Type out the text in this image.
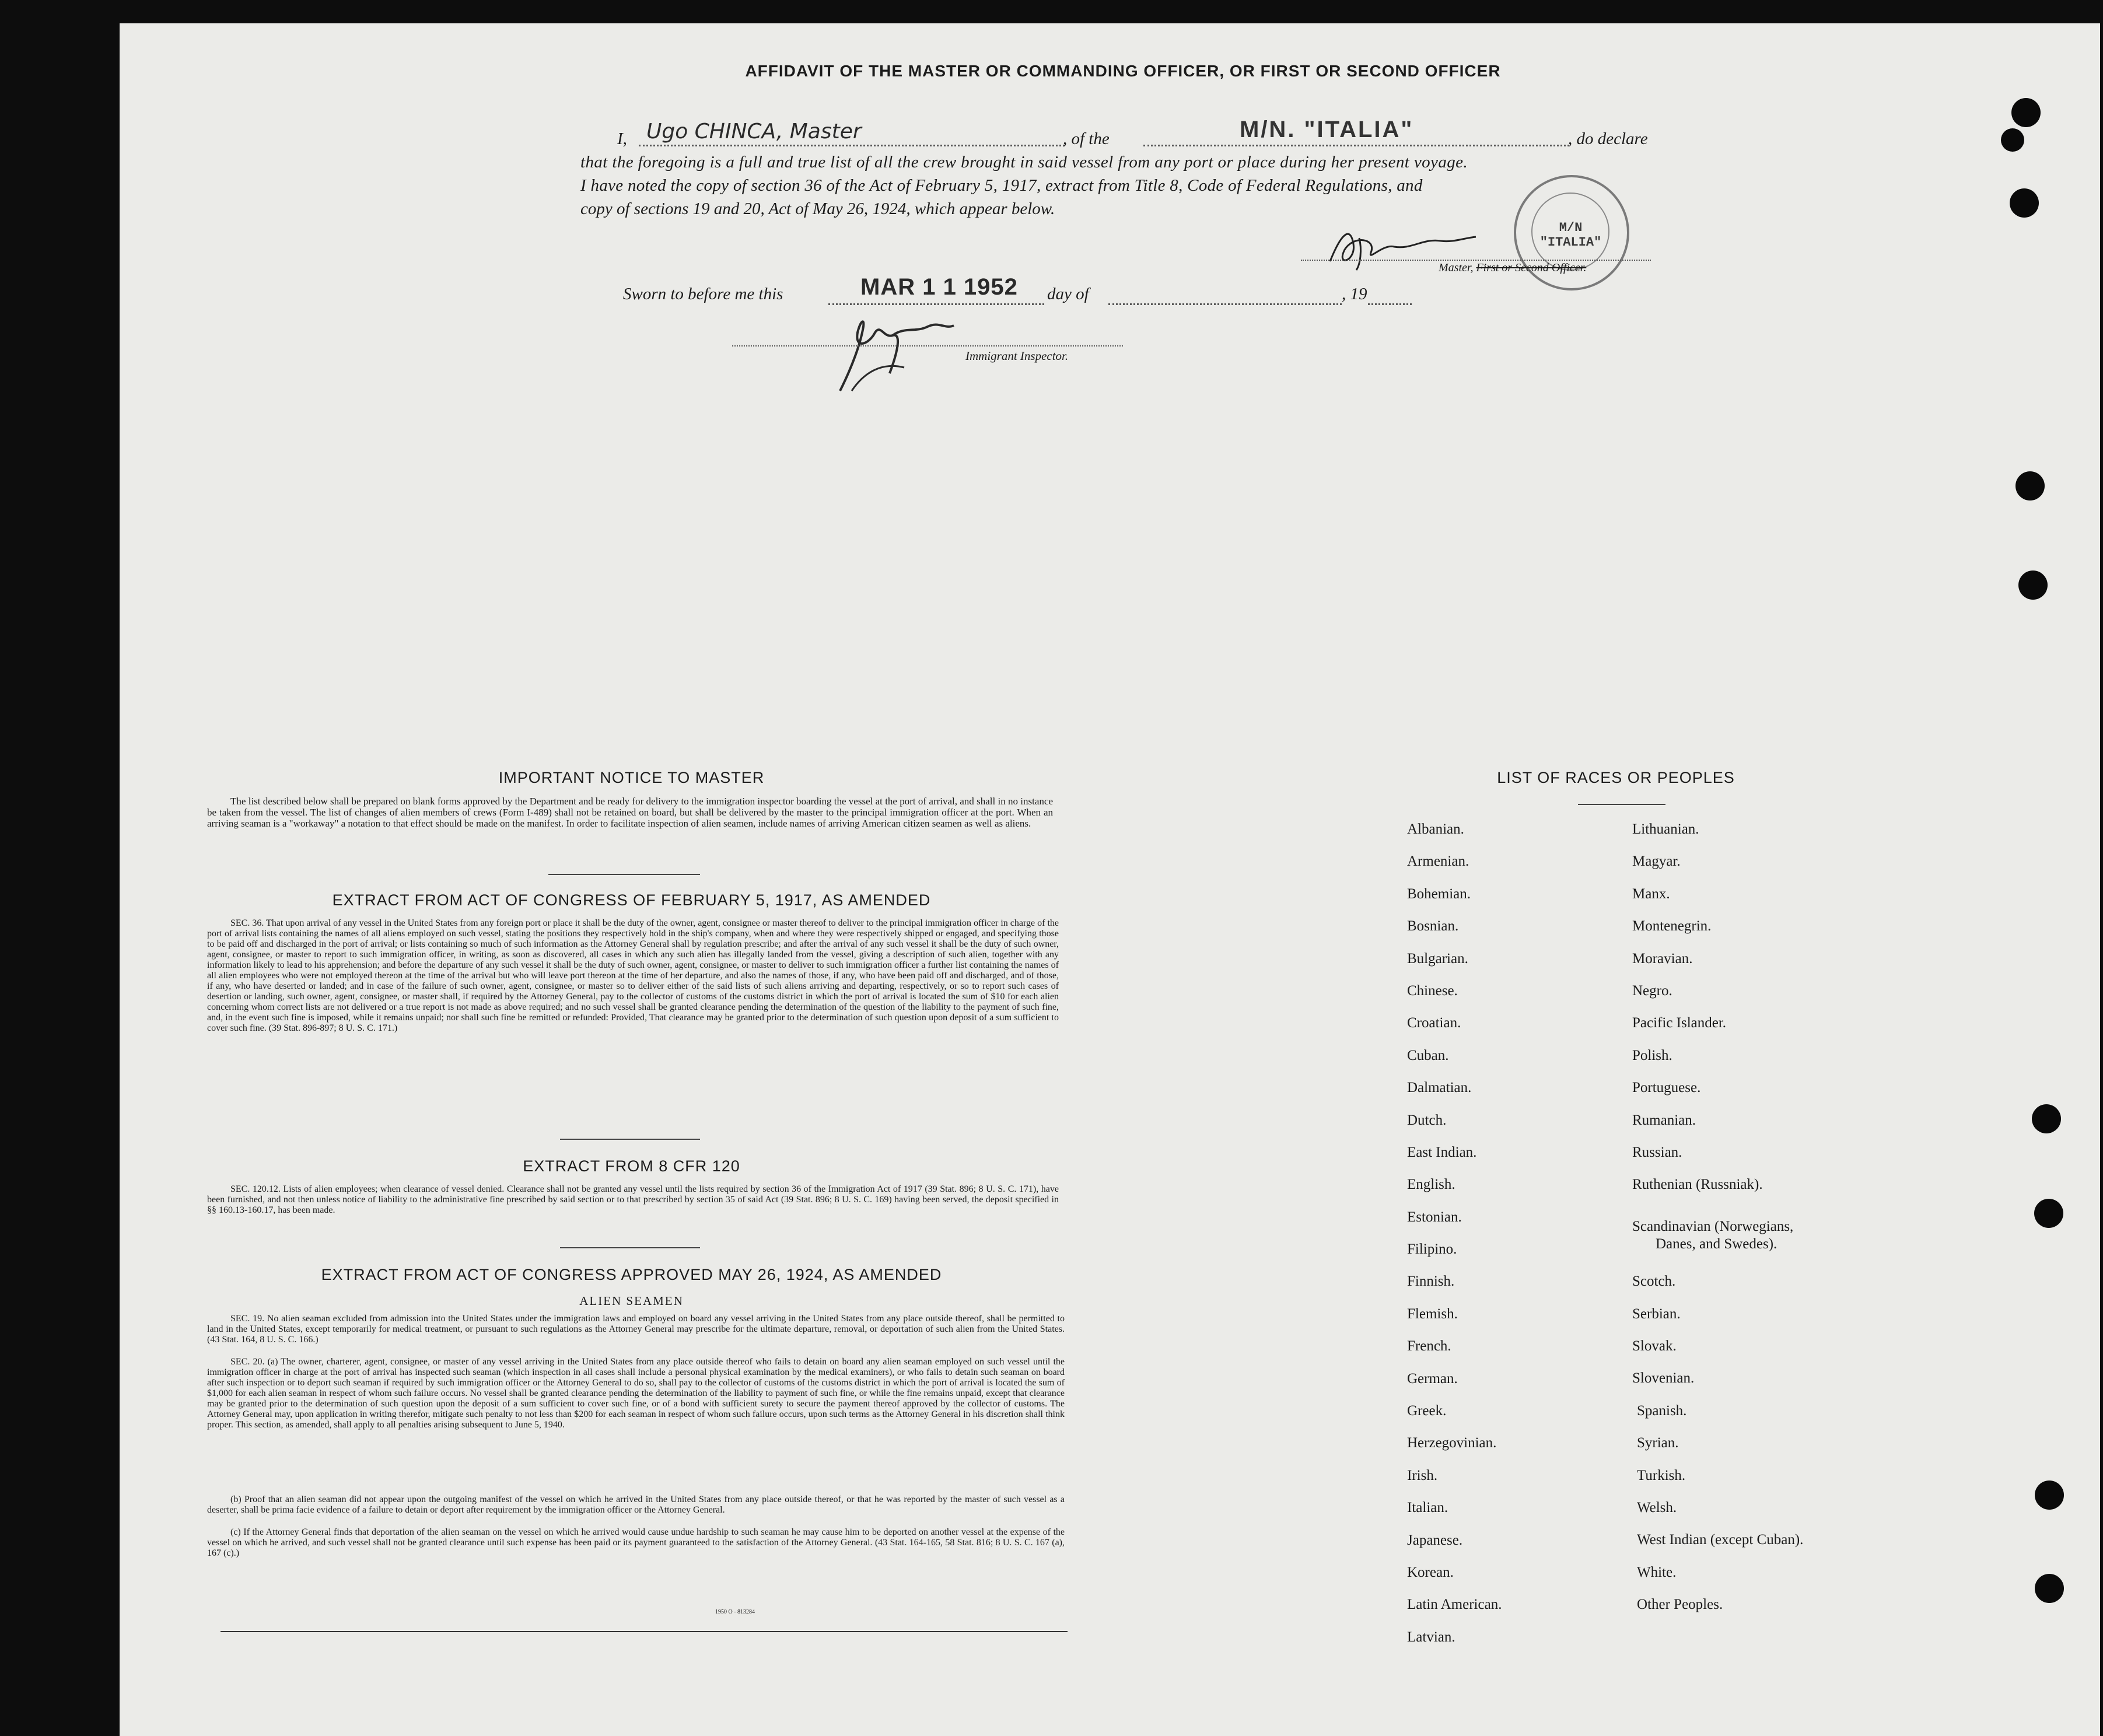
AFFIDAVIT OF THE MASTER OR COMMANDING OFFICER, OR FIRST OR SECOND OFFICER
I, Ugo CHINCA, Master	, of the	M/N. "ITALIA"	, do declare
that the foregoing is a full and true list of all the crew brought in said vessel from any port or place during her present voyage.
I have noted the copy of section 36 of the Act of February 5, 1917, extract from Title 8, Code of Federal Regulations, and
copy of sections 19 and 20, Act of May 26, 1924, which appear below.
M/N "ITALIA"
Master, First or Second Officer.
Sworn to before me this	MAR 1 1 1952 day of	, 19
Immigrant Inspector.
IMPORTANT NOTICE TO MASTER
The list described below shall be prepared on blank forms approved by the Department and be ready for delivery to the immigration inspector boarding the vessel at the port of arrival, and shall in no instance be taken from the vessel. The list of changes of alien members of crews (Form I-489) shall not be retained on board, but shall be delivered by the master to the principal immigration officer at the port. When an arriving seaman is a "workaway" a notation to that effect should be made on the manifest. In order to facilitate inspection of alien seamen, include names of arriving American citizen seamen as well as aliens.
EXTRACT FROM ACT OF CONGRESS OF FEBRUARY 5, 1917, AS AMENDED
SEC. 36. That upon arrival of any vessel in the United States from any foreign port or place it shall be the duty of the owner, agent, consignee or master thereof to deliver to the principal immigration officer in charge of the port of arrival lists containing the names of all aliens employed on such vessel, stating the positions they respectively hold in the ship's company, when and where they were respectively shipped or engaged, and specifying those to be paid off and discharged in the port of arrival; or lists containing so much of such information as the Attorney General shall by regulation prescribe; and after the arrival of any such vessel it shall be the duty of such owner, agent, consignee, or master to report to such immigration officer, in writing, as soon as discovered, all cases in which any such alien has illegally landed from the vessel, giving a description of such alien, together with any information likely to lead to his apprehension; and before the departure of any such vessel it shall be the duty of such owner, agent, consignee, or master to deliver to such immigration officer a further list containing the names of all alien employees who were not employed thereon at the time of the arrival but who will leave port thereon at the time of her departure, and also the names of those, if any, who have been paid off and discharged, and of those, if any, who have deserted or landed; and in case of the failure of such owner, agent, consignee, or master so to deliver either of the said lists of such aliens arriving and departing, respectively, or so to report such cases of desertion or landing, such owner, agent, consignee, or master shall, if required by the Attorney General, pay to the collector of customs of the customs district in which the port of arrival is located the sum of $10 for each alien concerning whom correct lists are not delivered or a true report is not made as above required; and no such vessel shall be granted clearance pending the determination of the question of the liability to the payment of such fine, and, in the event such fine is imposed, while it remains unpaid; nor shall such fine be remitted or refunded: Provided, That clearance may be granted prior to the determination of such question upon deposit of a sum sufficient to cover such fine. (39 Stat. 896-897; 8 U. S. C. 171.)
EXTRACT FROM 8 CFR 120
SEC. 120.12. Lists of alien employees; when clearance of vessel denied. Clearance shall not be granted any vessel until the lists required by section 36 of the Immigration Act of 1917 (39 Stat. 896; 8 U. S. C. 171), have been furnished, and not then unless notice of liability to the administrative fine prescribed by said section or to that prescribed by section 35 of said Act (39 Stat. 896; 8 U. S. C. 169) having been served, the deposit specified in §§ 160.13-160.17, has been made.
EXTRACT FROM ACT OF CONGRESS APPROVED MAY 26, 1924, AS AMENDED
ALIEN SEAMEN
SEC. 19. No alien seaman excluded from admission into the United States under the immigration laws and employed on board any vessel arriving in the United States from any place outside thereof, shall be permitted to land in the United States, except temporarily for medical treatment, or pursuant to such regulations as the Attorney General may prescribe for the ultimate departure, removal, or deportation of such alien from the United States. (43 Stat. 164, 8 U. S. C. 166.)
SEC. 20. (a) The owner, charterer, agent, consignee, or master of any vessel arriving in the United States from any place outside thereof who fails to detain on board any alien seaman employed on such vessel until the immigration officer in charge at the port of arrival has inspected such seaman (which inspection in all cases shall include a personal physical examination by the medical examiners), or who fails to detain such seaman on board after such inspection or to deport such seaman if required by such immigration officer or the Attorney General to do so, shall pay to the collector of customs of the customs district in which the port of arrival is located the sum of $1,000 for each alien seaman in respect of whom such failure occurs. No vessel shall be granted clearance pending the determination of the liability to payment of such fine, or while the fine remains unpaid, except that clearance may be granted prior to the determination of such question upon the deposit of a sum sufficient to cover such fine, or of a bond with sufficient surety to secure the payment thereof approved by the collector of customs. The Attorney General may, upon application in writing therefor, mitigate such penalty to not less than $200 for each seaman in respect of whom such failure occurs, upon such terms as the Attorney General in his discretion shall think proper. This section, as amended, shall apply to all penalties arising subsequent to June 5, 1940.
(b) Proof that an alien seaman did not appear upon the outgoing manifest of the vessel on which he arrived in the United States from any place outside thereof, or that he was reported by the master of such vessel as a deserter, shall be prima facie evidence of a failure to detain or deport after requirement by the immigration officer or the Attorney General.
(c) If the Attorney General finds that deportation of the alien seaman on the vessel on which he arrived would cause undue hardship to such seaman he may cause him to be deported on another vessel at the expense of the vessel on which he arrived, and such vessel shall not be granted clearance until such expense has been paid or its payment guaranteed to the satisfaction of the Attorney General. (43 Stat. 164-165, 58 Stat. 816; 8 U. S. C. 167 (a), 167 (c).)
1950 O - 813284
LIST OF RACES OR PEOPLES
Albanian.
Armenian.
Bohemian.
Bosnian.
Bulgarian.
Chinese.
Croatian.
Cuban.
Dalmatian.
Dutch.
East Indian.
English.
Estonian.
Filipino.
Finnish.
Flemish.
French.
German.
Greek.
Herzegovinian.
Irish.
Italian.
Japanese.
Korean.
Latin American.
Latvian.
Lithuanian.
Magyar.
Manx.
Montenegrin.
Moravian.
Negro.
Pacific Islander.
Polish.
Portuguese.
Rumanian.
Russian.
Ruthenian (Russniak).
Scandinavian (Norwegians,
Danes, and Swedes).
Scotch.
Serbian.
Slovak.
Slovenian.
Spanish.
Syrian.
Turkish.
Welsh.
West Indian (except Cuban).
White.
Other Peoples.
